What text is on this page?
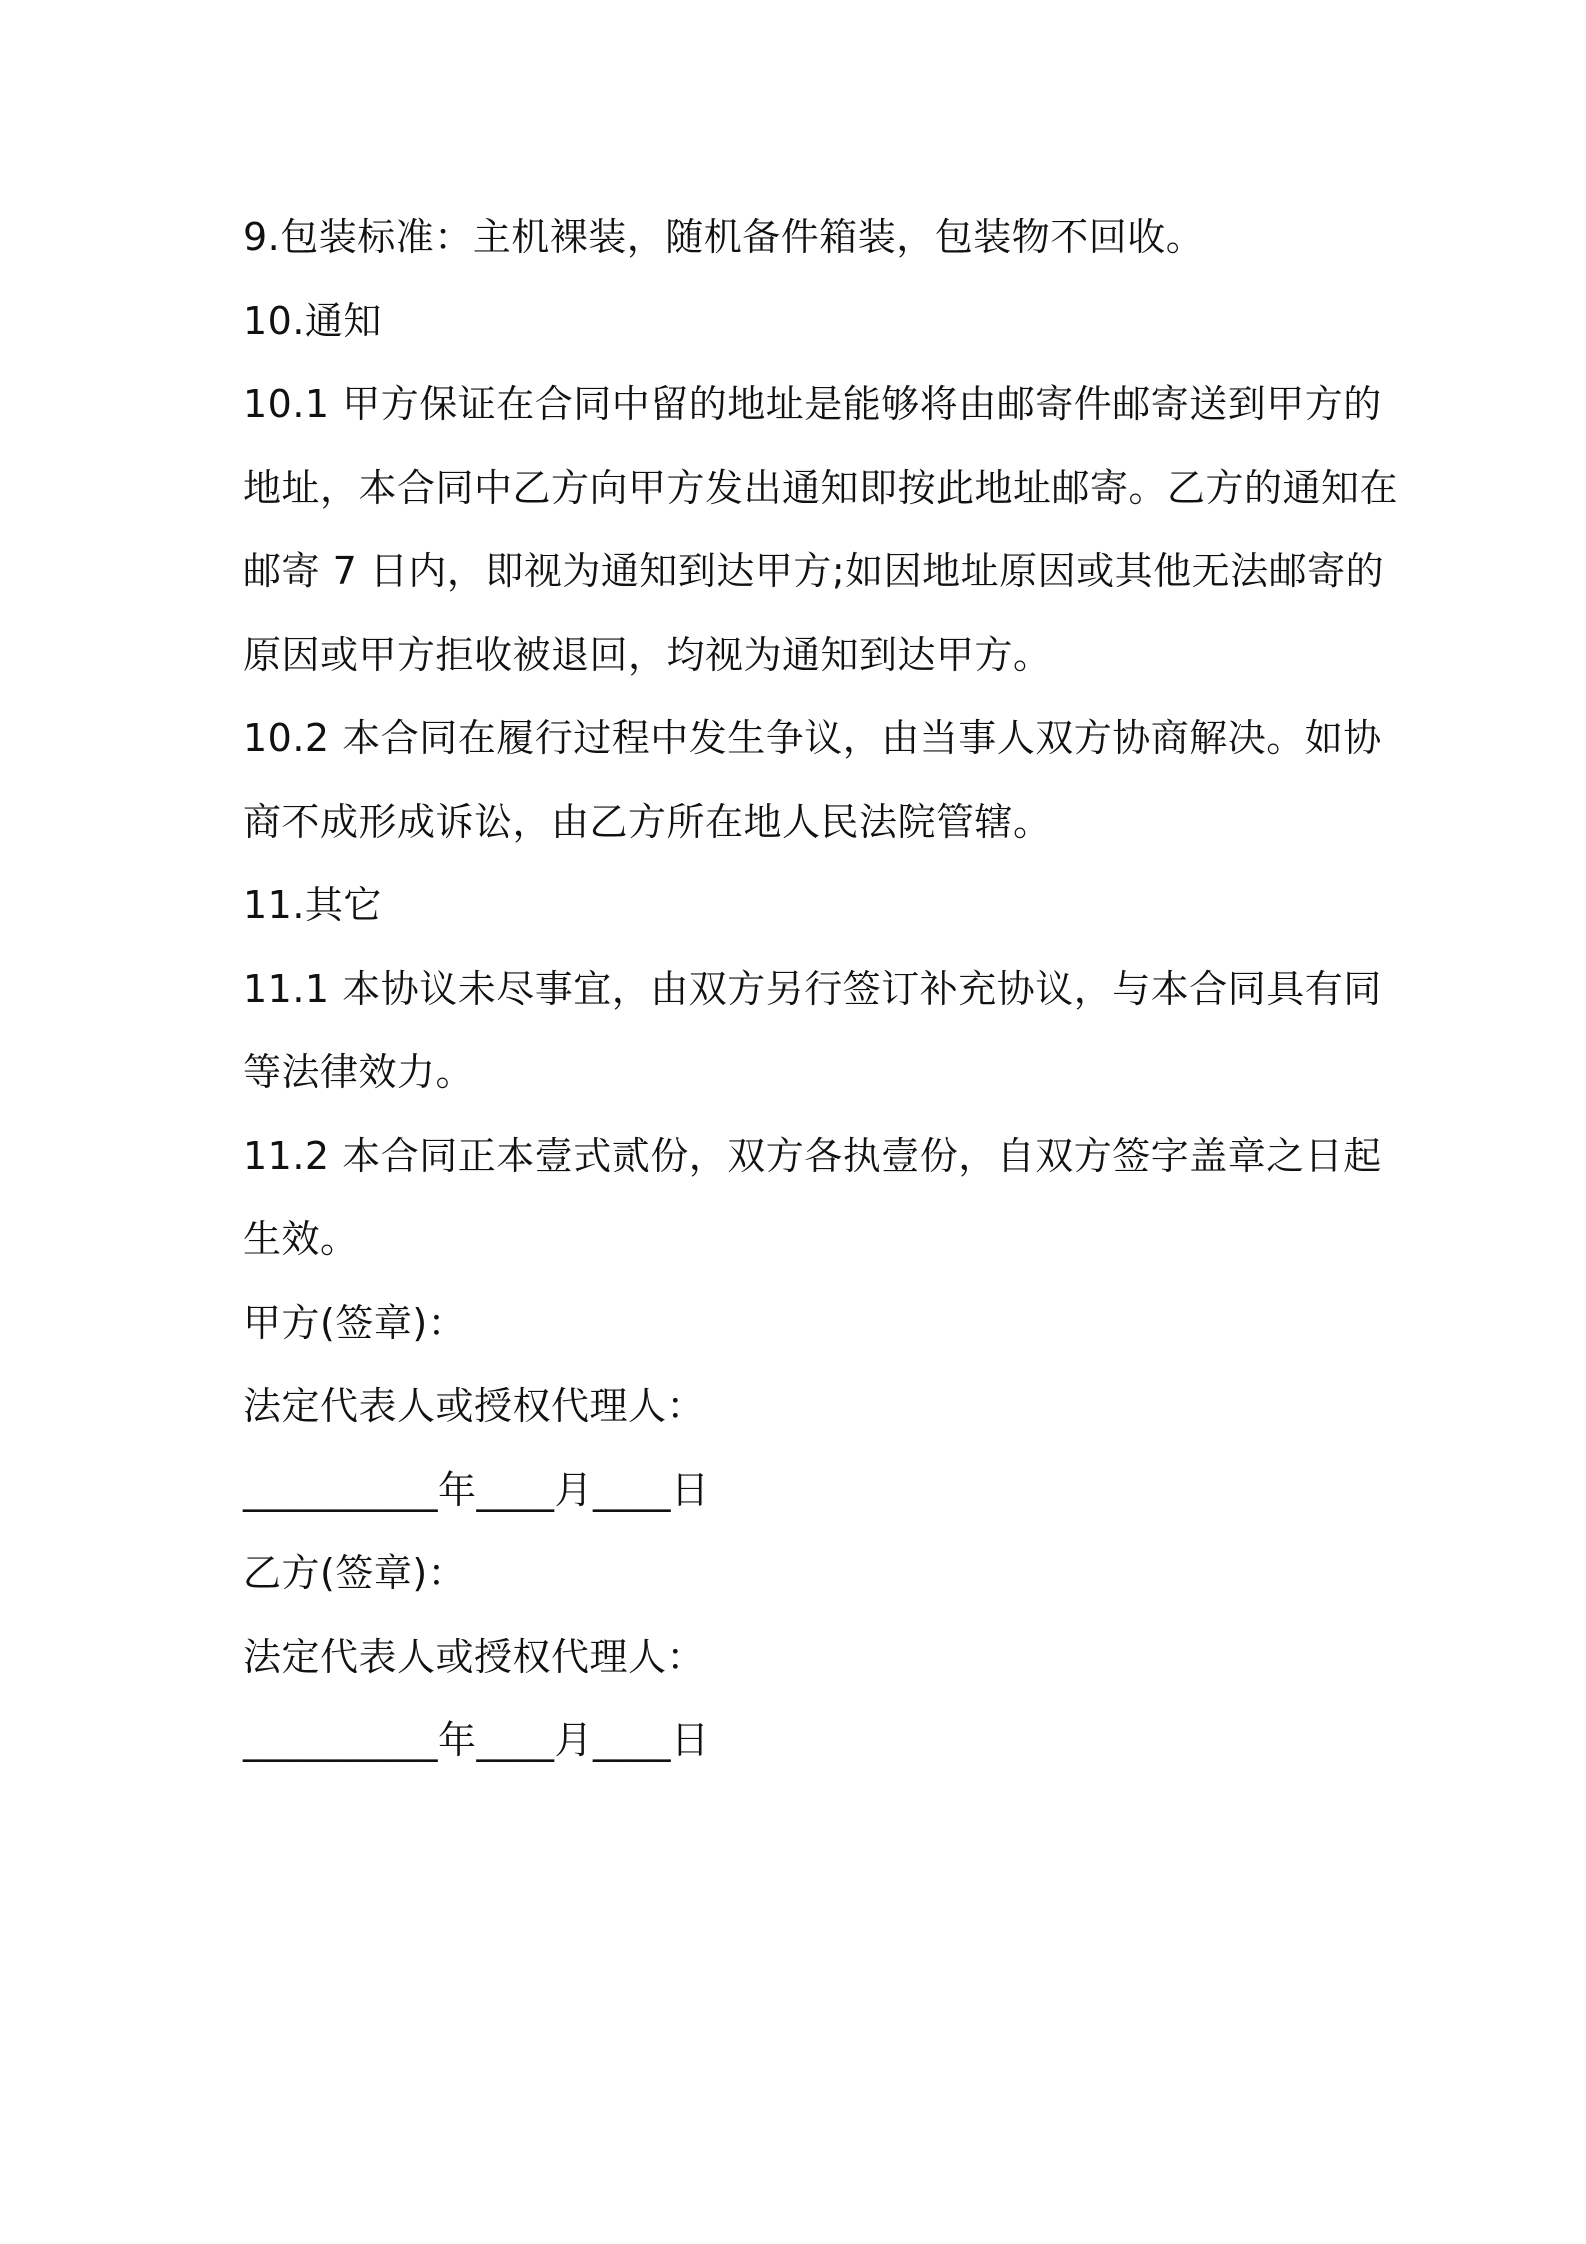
9.包装标准：主机裸装，随机备件箱装，包装物不回收。
10.通知
10.1 甲方保证在合同中留的地址是能够将由邮寄件邮寄送到甲方的
地址，本合同中乙方向甲方发出通知即按此地址邮寄。乙方的通知在
邮寄 7 日内，即视为通知到达甲方;如因地址原因或其他无法邮寄的
原因或甲方拒收被退回，均视为通知到达甲方。
10.2 本合同在履行过程中发生争议，由当事人双方协商解决。如协
商不成形成诉讼，由乙方所在地人民法院管辖。
11.其它
11.1 本协议未尽事宜，由双方另行签订补充协议，与本合同具有同
等法律效力。
11.2 本合同正本壹式贰份，双方各执壹份，自双方签字盖章之日起
生效。
甲方(签章)：
法定代表人或授权代理人：
__________年____月____日
乙方(签章)：
法定代表人或授权代理人：
__________年____月____日
